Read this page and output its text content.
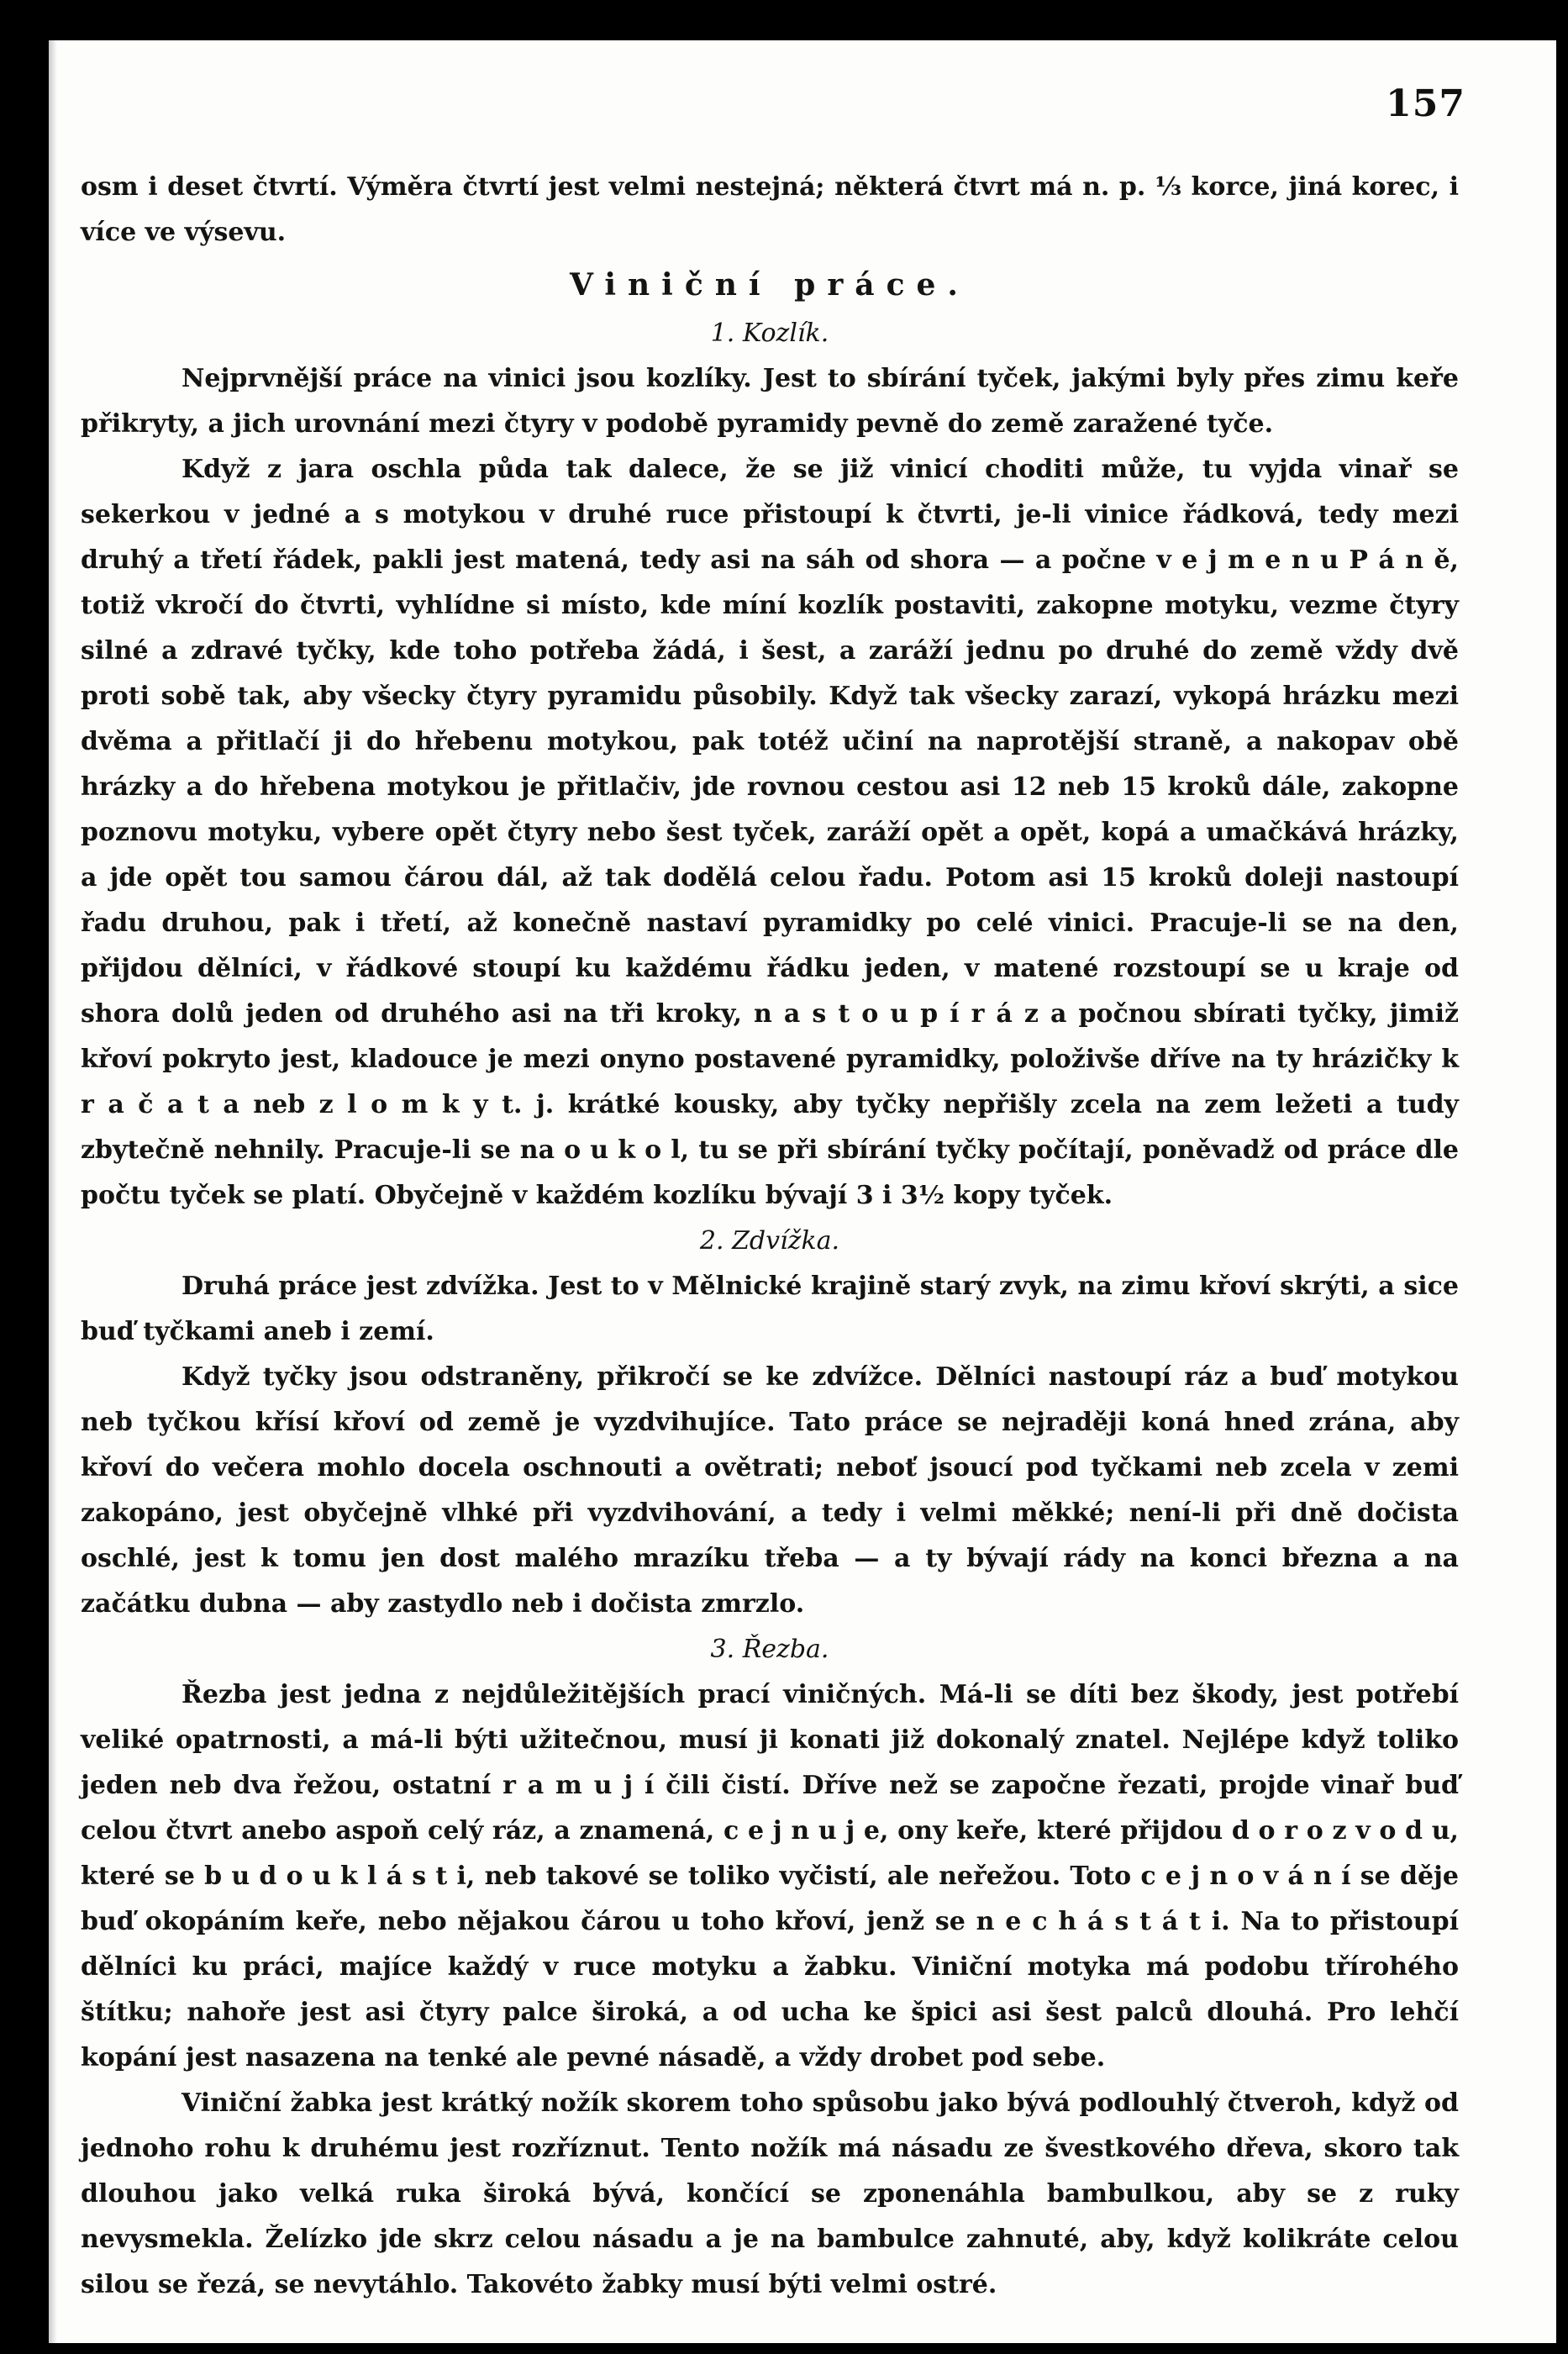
157

osm i deset čtvrtí. Výměra čtvrtí jest velmi nestejná; některá čtvrt má n. p. ⅓ korce, jiná korec, i více ve výsevu.

Viniční práce.

1. Kozlík.

Nejprvnější práce na vinici jsou kozlíky. Jest to sbírání tyček, jakými byly přes zimu keře přikryty, a jich urovnání mezi čtyry v podobě pyramidy pevně do země zaražené tyče.

Když z jara oschla půda tak dalece, že se již vinicí choditi může, tu vyjda vinař se sekerkou v jedné a s motykou v druhé ruce přistoupí k čtvrti, je-li vinice řádková, tedy mezi druhý a třetí řádek, pakli jest matená, tedy asi na sáh od shora — a počne v e j m e n u P á n ě, totiž vkročí do čtvrti, vyhlídne si místo, kde míní kozlík postaviti, zakopne motyku, vezme čtyry silné a zdravé tyčky, kde toho potřeba žádá, i šest, a zaráží jednu po druhé do země vždy dvě proti sobě tak, aby všecky čtyry pyramidu působily. Když tak všecky zarazí, vykopá hrázku mezi dvěma a přitlačí ji do hřebenu motykou, pak totéž učiní na naprotější straně, a nakopav obě hrázky a do hřebena motykou je přitlačiv, jde rovnou cestou asi 12 neb 15 kroků dále, zakopne poznovu motyku, vybere opět čtyry nebo šest tyček, zaráží opět a opět, kopá a umačkává hrázky, a jde opět tou samou čárou dál, až tak dodělá celou řadu. Potom asi 15 kroků doleji nastoupí řadu druhou, pak i třetí, až konečně nastaví pyramidky po celé vinici. Pracuje-li se na den, přijdou dělníci, v řádkové stoupí ku každému řádku jeden, v matené rozstoupí se u kraje od shora dolů jeden od druhého asi na tři kroky, n a s t o u p í r á z a počnou sbírati tyčky, jimiž křoví pokryto jest, kladouce je mezi onyno postavené pyramidky, položivše dříve na ty hrázičky k r a č a t a neb z l o m k y t. j. krátké kousky, aby tyčky nepřišly zcela na zem ležeti a tudy zbytečně nehnily. Pracuje-li se na o u k o l, tu se při sbírání tyčky počítají, poněvadž od práce dle počtu tyček se platí. Obyčejně v každém kozlíku bývají 3 i 3½ kopy tyček.

2. Zdvížka.

Druhá práce jest zdvížka. Jest to v Mělnické krajině starý zvyk, na zimu křoví skrýti, a sice buď tyčkami aneb i zemí.

Když tyčky jsou odstraněny, přikročí se ke zdvížce. Dělníci nastoupí ráz a buď motykou neb tyčkou křísí křoví od země je vyzdvihujíce. Tato práce se nejraději koná hned zrána, aby křoví do večera mohlo docela oschnouti a ovětrati; neboť jsoucí pod tyčkami neb zcela v zemi zakopáno, jest obyčejně vlhké při vyzdvihování, a tedy i velmi měkké; není-li při dně dočista oschlé, jest k tomu jen dost malého mrazíku třeba — a ty bývají rády na konci března a na začátku dubna — aby zastydlo neb i dočista zmrzlo.

3. Řezba.

Řezba jest jedna z nejdůležitějších prací viničných. Má-li se díti bez škody, jest potřebí veliké opatrnosti, a má-li býti užitečnou, musí ji konati již dokonalý znatel. Nejlépe když toliko jeden neb dva řežou, ostatní r a m u j í čili čistí. Dříve než se započne řezati, projde vinař buď celou čtvrt anebo aspoň celý ráz, a znamená, c e j n u j e, ony keře, které přijdou d o r o z v o d u, které se b u d o u k l á s t i, neb takové se toliko vyčistí, ale neřežou. Toto c e j n o v á n í se děje buď okopáním keře, nebo nějakou čárou u toho křoví, jenž se n e c h á s t á t i. Na to přistoupí dělníci ku práci, majíce každý v ruce motyku a žabku. Viniční motyka má podobu třírohého štítku; nahoře jest asi čtyry palce široká, a od ucha ke špici asi šest palců dlouhá. Pro lehčí kopání jest nasazena na tenké ale pevné násadě, a vždy drobet pod sebe.

Viniční žabka jest krátký nožík skorem toho spůsobu jako bývá podlouhlý čtveroh, když od jednoho rohu k druhému jest rozříznut. Tento nožík má násadu ze švestkového dřeva, skoro tak dlouhou jako velká ruka široká bývá, končící se zponenáhla bambulkou, aby se z ruky nevysmekla. Želízko jde skrz celou násadu a je na bambulce zahnuté, aby, když kolikráte celou silou se řezá, se nevytáhlo. Takovéto žabky musí býti velmi ostré.
